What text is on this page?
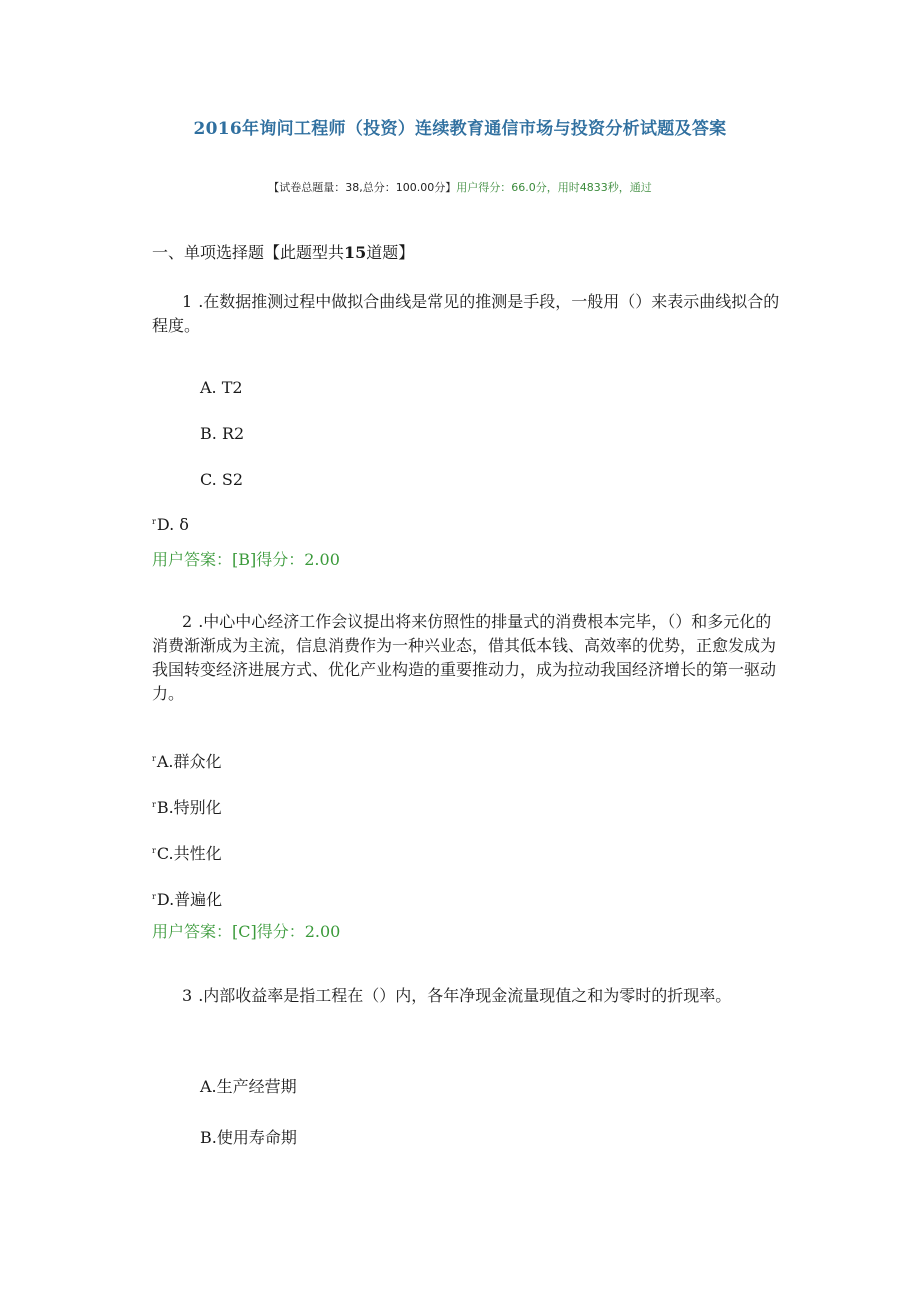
2016年询问工程师（投资）连续教育通信市场与投资分析试题及答案
【试卷总题量：38,总分：100.00分】用户得分：66.0分，用时4833秒，通过
一、单项选择题【此题型共15道题】
1 .在数据推测过程中做拟合曲线是常见的推测是手段，一般用（）来表示曲线拟合的程度。
A. T2
B. R2
C. S2
$^r$D. δ
用户答案：[B]得分：2.00
2 .中心中心经济工作会议提出将来仿照性的排量式的消费根本完毕，（）和多元化的消费渐渐成为主流，信息消费作为一种兴业态，借其低本钱、高效率的优势，正愈发成为我国转变经济进展方式、优化产业构造的重要推动力，成为拉动我国经济增长的第一驱动力。
$^r$A.群众化
$^r$B.特别化
$^r$C.共性化
$^r$D.普遍化
用户答案：[C]得分：2.00
3 .内部收益率是指工程在（）内，各年净现金流量现值之和为零时的折现率。
A.生产经营期
B.使用寿命期
